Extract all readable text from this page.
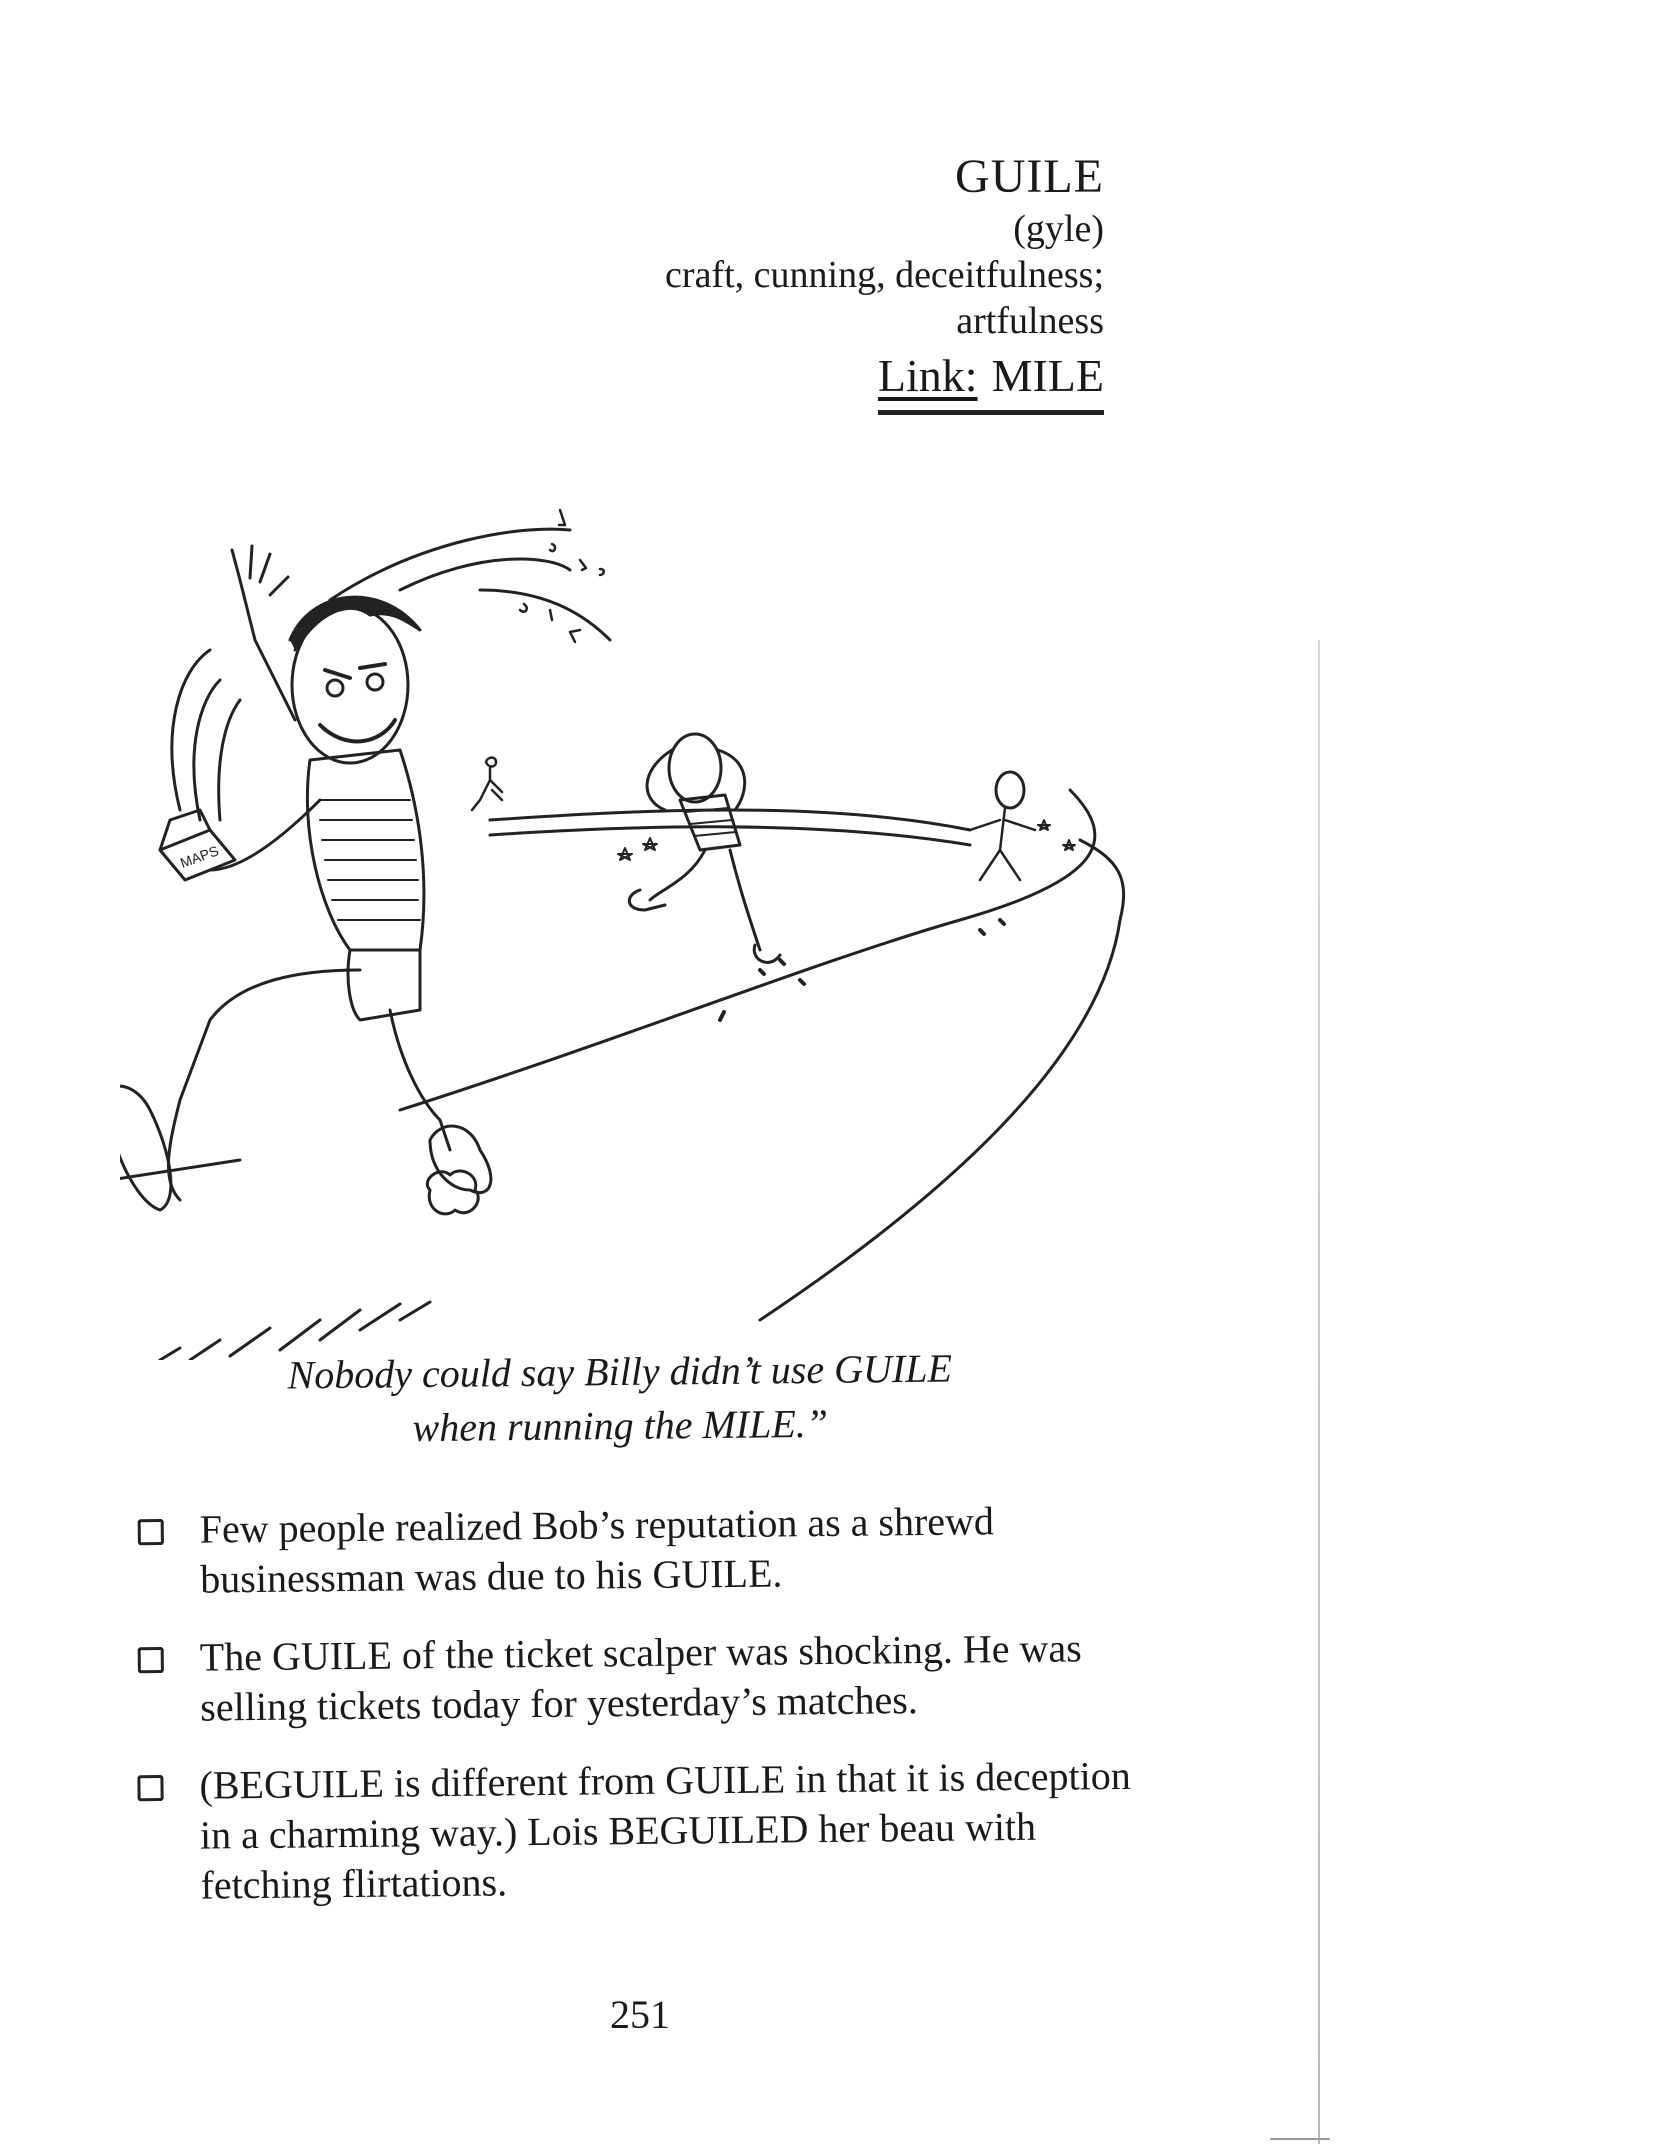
GUILE
(gyle)
craft, cunning, deceitfulness;
artfulness
Link: MILE
MAPS
Nobody could say Billy didn’t use GUILE
when running the MILE.”
Few people realized Bob’s reputation as a shrewd businessman was due to his GUILE.
The GUILE of the ticket scalper was shocking. He was selling tickets today for yesterday’s matches.
(BEGUILE is different from GUILE in that it is deception in a charming way.) Lois BEGUILED her beau with fetching flirtations.
251
